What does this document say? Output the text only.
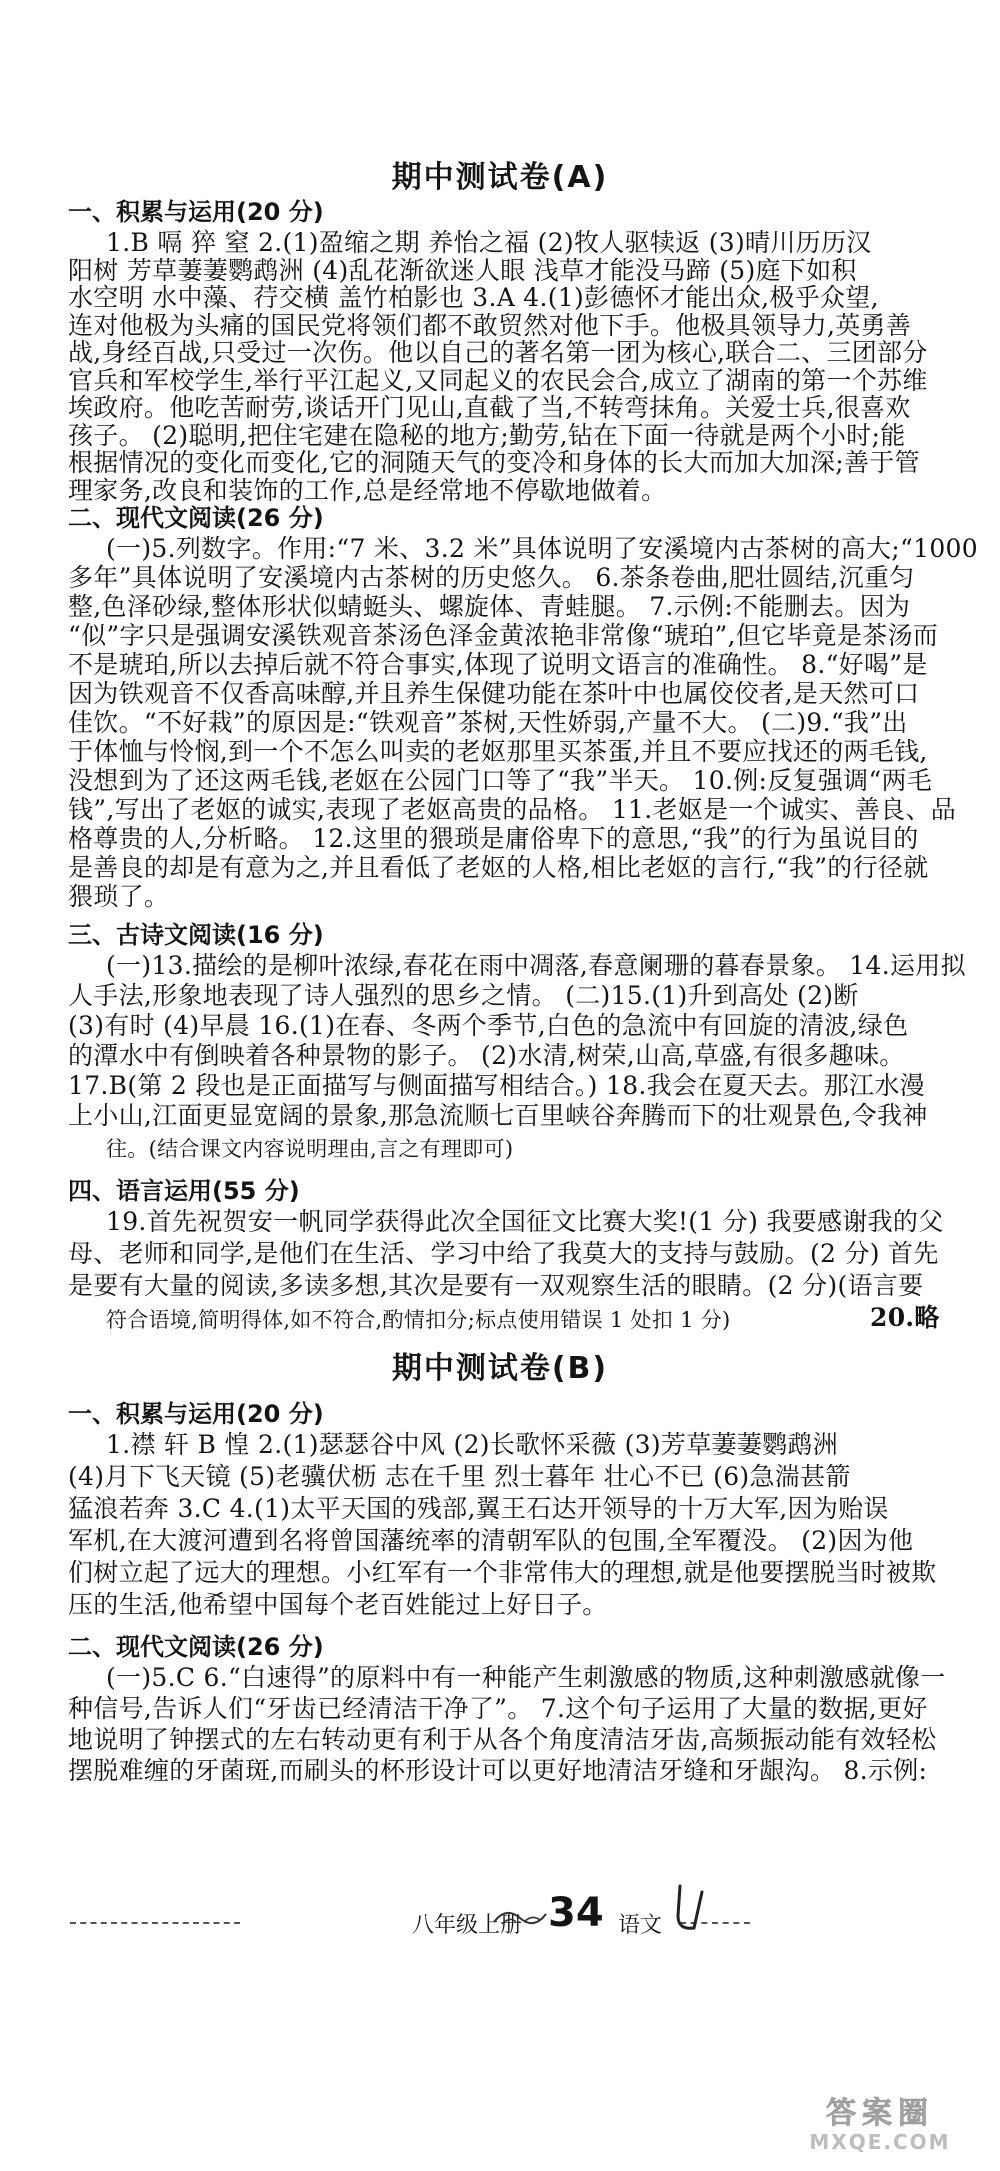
期中测试卷(A)
一、积累与运用(20 分)
1.B 嗝 猝 窒 2.(1)盈缩之期 养怡之福 (2)牧人驱犊返 (3)晴川历历汉
阳树 芳草萋萋鹦鹉洲 (4)乱花渐欲迷人眼 浅草才能没马蹄 (5)庭下如积
水空明 水中藻、荇交横 盖竹柏影也 3.A 4.(1)彭德怀才能出众,极乎众望,
连对他极为头痛的国民党将领们都不敢贸然对他下手。他极具领导力,英勇善
战,身经百战,只受过一次伤。他以自己的著名第一团为核心,联合二、三团部分
官兵和军校学生,举行平江起义,又同起义的农民会合,成立了湖南的第一个苏维
埃政府。他吃苦耐劳,谈话开门见山,直截了当,不转弯抹角。关爱士兵,很喜欢
孩子。 (2)聪明,把住宅建在隐秘的地方;勤劳,钻在下面一待就是两个小时;能
根据情况的变化而变化,它的洞随天气的变冷和身体的长大而加大加深;善于管
理家务,改良和装饰的工作,总是经常地不停歇地做着。
二、现代文阅读(26 分)
(一)5.列数字。作用:“7 米、3.2 米”具体说明了安溪境内古茶树的高大;“1000
多年”具体说明了安溪境内古茶树的历史悠久。 6.茶条卷曲,肥壮圆结,沉重匀
整,色泽砂绿,整体形状似蜻蜓头、螺旋体、青蛙腿。 7.示例:不能删去。因为
“似”字只是强调安溪铁观音茶汤色泽金黄浓艳非常像“琥珀”,但它毕竟是茶汤而
不是琥珀,所以去掉后就不符合事实,体现了说明文语言的准确性。 8.“好喝”是
因为铁观音不仅香高味醇,并且养生保健功能在茶叶中也属佼佼者,是天然可口
佳饮。“不好栽”的原因是:“铁观音”茶树,天性娇弱,产量不大。 (二)9.“我”出
于体恤与怜悯,到一个不怎么叫卖的老妪那里买茶蛋,并且不要应找还的两毛钱,
没想到为了还这两毛钱,老妪在公园门口等了“我”半天。 10.例:反复强调“两毛
钱”,写出了老妪的诚实,表现了老妪高贵的品格。 11.老妪是一个诚实、善良、品
格尊贵的人,分析略。 12.这里的猥琐是庸俗卑下的意思,“我”的行为虽说目的
是善良的却是有意为之,并且看低了老妪的人格,相比老妪的言行,“我”的行径就
猥琐了。
三、古诗文阅读(16 分)
(一)13.描绘的是柳叶浓绿,春花在雨中凋落,春意阑珊的暮春景象。 14.运用拟
人手法,形象地表现了诗人强烈的思乡之情。 (二)15.(1)升到高处 (2)断
(3)有时 (4)早晨 16.(1)在春、冬两个季节,白色的急流中有回旋的清波,绿色
的潭水中有倒映着各种景物的影子。 (2)水清,树荣,山高,草盛,有很多趣味。
17.B(第 2 段也是正面描写与侧面描写相结合。) 18.我会在夏天去。那江水漫
上小山,江面更显宽阔的景象,那急流顺七百里峡谷奔腾而下的壮观景色,令我神
往。(结合课文内容说明理由,言之有理即可)
四、语言运用(55 分)
19.首先祝贺安一帆同学获得此次全国征文比赛大奖!(1 分) 我要感谢我的父
母、老师和同学,是他们在生活、学习中给了我莫大的支持与鼓励。(2 分) 首先
是要有大量的阅读,多读多想,其次是要有一双观察生活的眼睛。(2 分)(语言要
符合语境,简明得体,如不符合,酌情扣分;标点使用错误 1 处扣 1 分)	20.略
期中测试卷(B)
一、积累与运用(20 分)
1.襟 轩 B 惶 2.(1)瑟瑟谷中风 (2)长歌怀采薇 (3)芳草萋萋鹦鹉洲
(4)月下飞天镜 (5)老骥伏枥 志在千里 烈士暮年 壮心不已 (6)急湍甚箭
猛浪若奔 3.C 4.(1)太平天国的残部,翼王石达开领导的十万大军,因为贻误
军机,在大渡河遭到名将曾国藩统率的清朝军队的包围,全军覆没。 (2)因为他
们树立起了远大的理想。小红军有一个非常伟大的理想,就是他要摆脱当时被欺
压的生活,他希望中国每个老百姓能过上好日子。
二、现代文阅读(26 分)
(一)5.C 6.“白速得”的原料中有一种能产生刺激感的物质,这种刺激感就像一
种信号,告诉人们“牙齿已经清洁干净了”。 7.这个句子运用了大量的数据,更好
地说明了钟摆式的左右转动更有利于从各个角度清洁牙齿,高频振动能有效轻松
摆脱难缠的牙菌斑,而刷头的杯形设计可以更好地清洁牙缝和牙龈沟。 8.示例:
八年级上册 34 语文
答案圈
MXQE.COM
